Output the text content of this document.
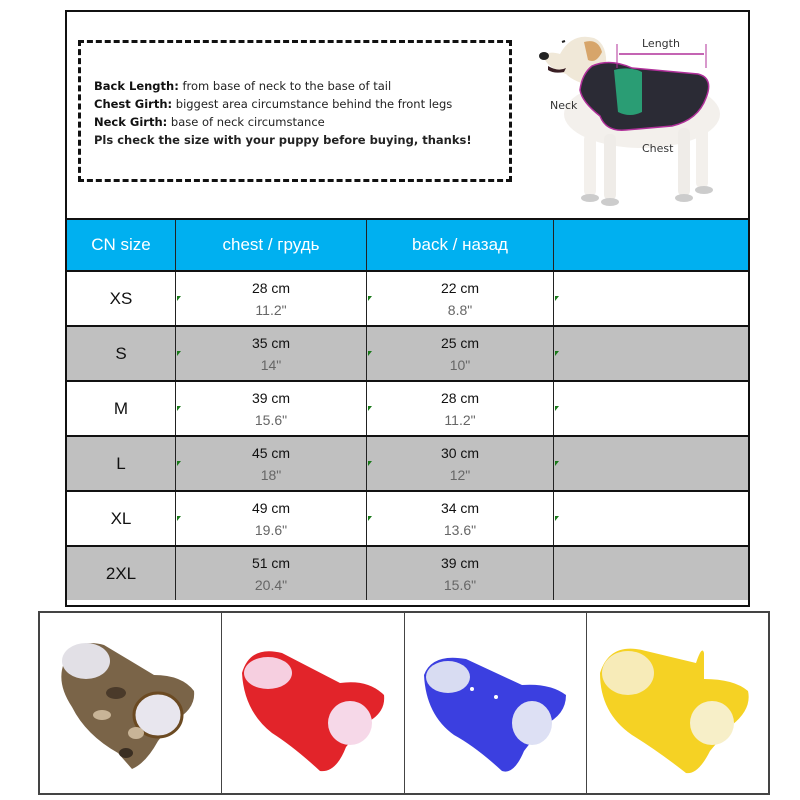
Back Length: from base of neck to the base of tail
Chest Girth: biggest area circumstance behind the front legs
Neck Girth: base of neck circumstance
Pls check the size with your puppy before buying, thanks!
Length
Neck
Chest
CN size	chest / грудь	back / назад
XS
28 cm
11.2"
22 cm
8.8"
S
35 cm
14"
25 cm
10"
M
39 cm
15.6"
28 cm
11.2"
L
45 cm
18"
30 cm
12"
XL
49 cm
19.6"
34 cm
13.6"
2XL
51 cm
20.4"
39 cm
15.6"
